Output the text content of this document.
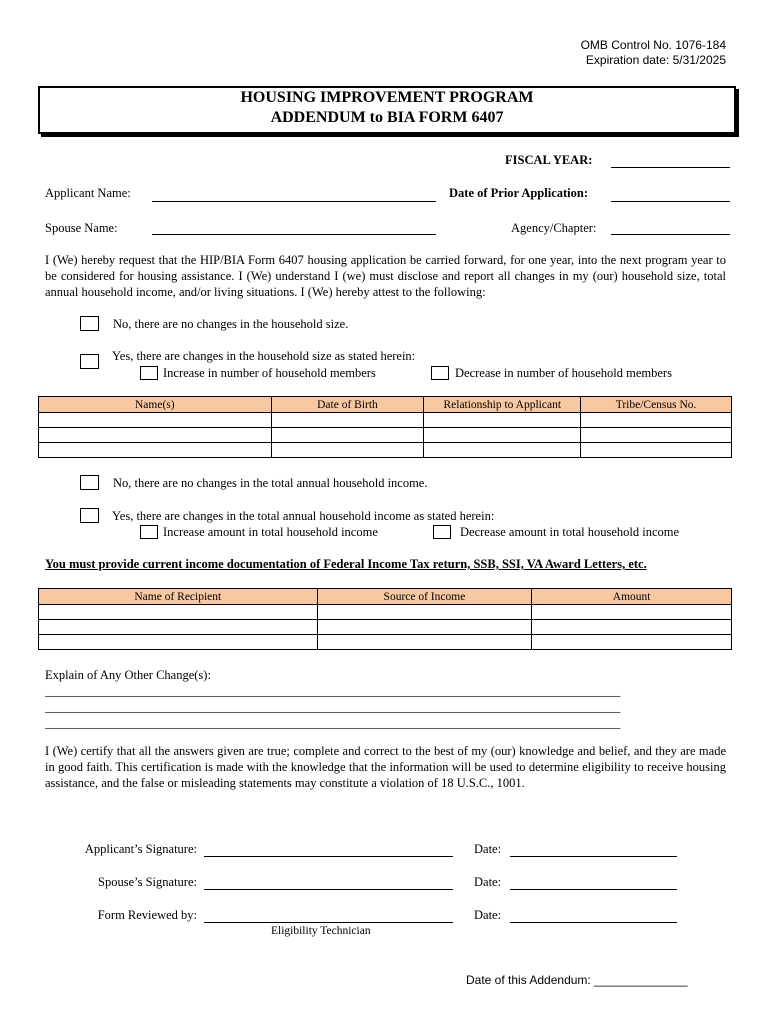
OMB Control No. 1076-184
Expiration date: 5/31/2025
HOUSING IMPROVEMENT PROGRAM
ADDENDUM to BIA FORM 6407
FISCAL YEAR:
Applicant Name:	Date of Prior Application:
Spouse Name:	Agency/Chapter:
I (We) hereby request that the HIP/BIA Form 6407 housing application be carried forward, for one year, into the next program year to be considered for housing assistance. I (We) understand I (we) must disclose and report all changes in my (our) household size, total annual household income, and/or living situations. I (We) hereby attest to the following:
No, there are no changes in the household size.
Yes, there are changes in the household size as stated herein:
Increase in number of household members	Decrease in number of household members
Name(s)	Date of Birth	Relationship to Applicant	Tribe/Census No.

No, there are no changes in the total annual household income.
Yes, there are changes in the total annual household income as stated herein:
Increase amount in total household income	Decrease amount in total household income
You must provide current income documentation of Federal Income Tax return, SSB, SSI, VA Award Letters, etc.
Name of Recipient	Source of Income	Amount

Explain of Any Other Change(s):
____________________________________________________________________________________________________
____________________________________________________________________________________________________
____________________________________________________________________________________________________
I (We) certify that all the answers given are true; complete and correct to the best of my (our) knowledge and belief, and they are made in good faith. This certification is made with the knowledge that the information will be used to determine eligibility to receive housing assistance, and the false or misleading statements may constitute a violation of 18 U.S.C., 1001.
Applicant’s Signature:	Date:
Spouse’s Signature:	Date:
Form Reviewed by:	Date:
Eligibility Technician
Date of this Addendum: ______________
